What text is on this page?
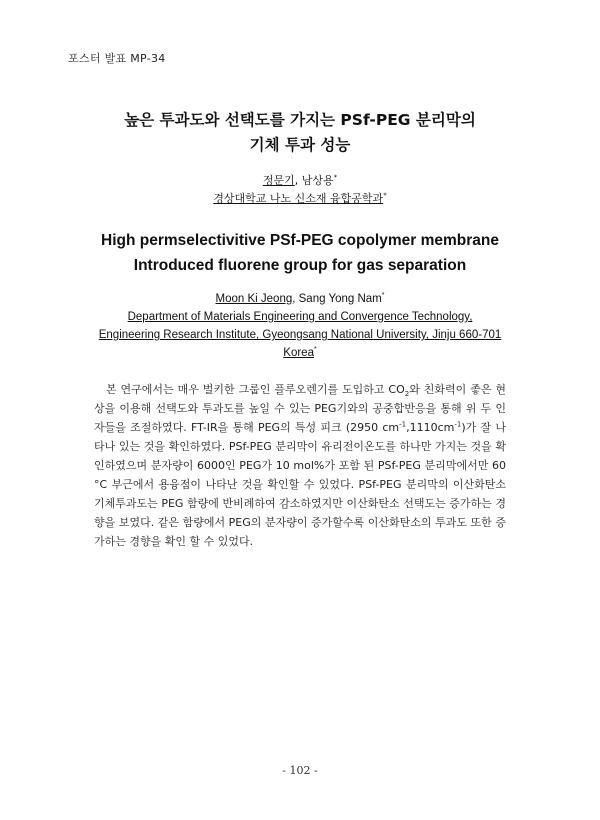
포스터 발표 MP-34
높은 투과도와 선택도를 가지는 PSf-PEG 분리막의
기체 투과 성능
정문기, 남상용*
경상대학교 나노 신소재 융합공학과*
High permselectivitive PSf-PEG copolymer membrane
Introduced fluorene group for gas separation
Moon Ki Jeong, Sang Yong Nam*
Department of Materials Engineering and Convergence Technology,
Engineering Research Institute, Gyeongsang National University, Jinju 660-701
Korea*

본 연구에서는 매우 벌키한 그룹인 플루오렌기를 도입하고 $CO_2$와 친화력이 좋은 현상을 이용해 선택도와 투과도를 높일 수 있는 PEG기와의 공중합반응을 통해 위 두 인자들을 조절하였다. FT-IR을 통해 PEG의 특성 피크 (2950 $cm^{-1},1110cm^{-1}$)가 잘 나타나 있는 것을 확인하였다. PSf-PEG 분리막이 유리전이온도를 하나만 가지는 것을 확인하였으며 분자량이 6000인 PEG가 10 mol%가 포함 된 PSf-PEG 분리막에서만 60 °C 부근에서 용융점이 나타난 것을 확인할 수 있었다. PSf-PEG 분리막의 이산화탄소 기체투과도는 PEG 함량에 반비례하여 감소하였지만 이산화탄소 선택도는 증가하는 경향을 보였다. 같은 함량에서 PEG의 분자량이 증가할수록 이산화탄소의 투과도 또한 증가하는 경향을 확인 할 수 있었다.

- 102 -
